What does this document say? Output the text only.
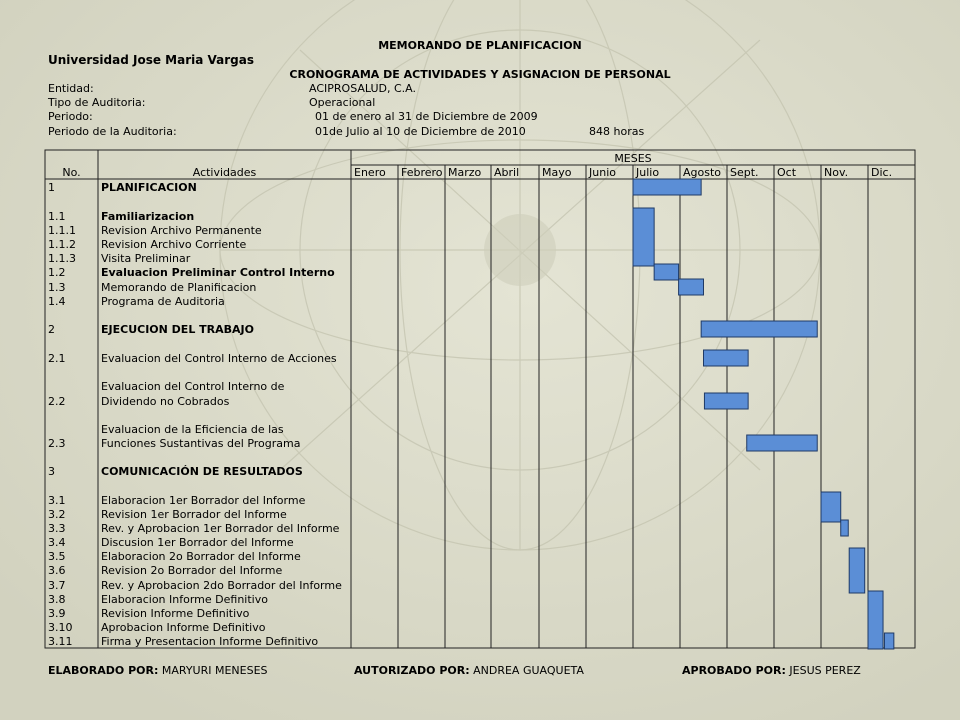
MEMORANDO DE PLANIFICACION
Universidad Jose Maria Vargas
CRONOGRAMA DE ACTIVIDADES Y ASIGNACION DE PERSONAL
Entidad:	ACIPROSALUD, C.A.
Tipo de Auditoria:	Operacional
Periodo:	01 de enero al 31 de Diciembre de 2009
Periodo de la Auditoria:	01de Julio al 10 de Diciembre de 2010	848 horas
No.	Actividades
MESES
Enero Febrero Marzo Abril Mayo Junio Julio Agosto Sept. Oct	Nov. Dic.
1	PLANIFICACION
1.1	Familiarizacion
1.1.1 Revision Archivo Permanente
1.1.2 Revision Archivo Corriente
1.1.3 Visita Preliminar
1.2	Evaluacion Preliminar Control Interno
1.3	Memorando de Planificacion
1.4	Programa de Auditoria
2	EJECUCION DEL TRABAJO
2.1	Evaluacion del Control Interno de Acciones
Evaluacion del Control Interno de
2.2	Dividendo no Cobrados
Evaluacion de la Eficiencia de las
2.3	Funciones Sustantivas del Programa
3	COMUNICACIÓN DE RESULTADOS
3.1	Elaboracion 1er Borrador del Informe
3.2	Revision 1er Borrador del Informe
3.3	Rev. y Aprobacion 1er Borrador del Informe
3.4	Discusion 1er Borrador del Informe
3.5	Elaboracion 2o Borrador del Informe
3.6	Revision 2o Borrador del Informe
3.7	Rev. y Aprobacion 2do Borrador del Informe
3.8	Elaboracion Informe Definitivo
3.9	Revision Informe Definitivo
3.10	Aprobacion Informe Definitivo
3.11	Firma y Presentacion Informe Definitivo
ELABORADO POR: MARYURI MENESES	AUTORIZADO POR: ANDREA GUAQUETA	APROBADO POR: JESUS PEREZ
